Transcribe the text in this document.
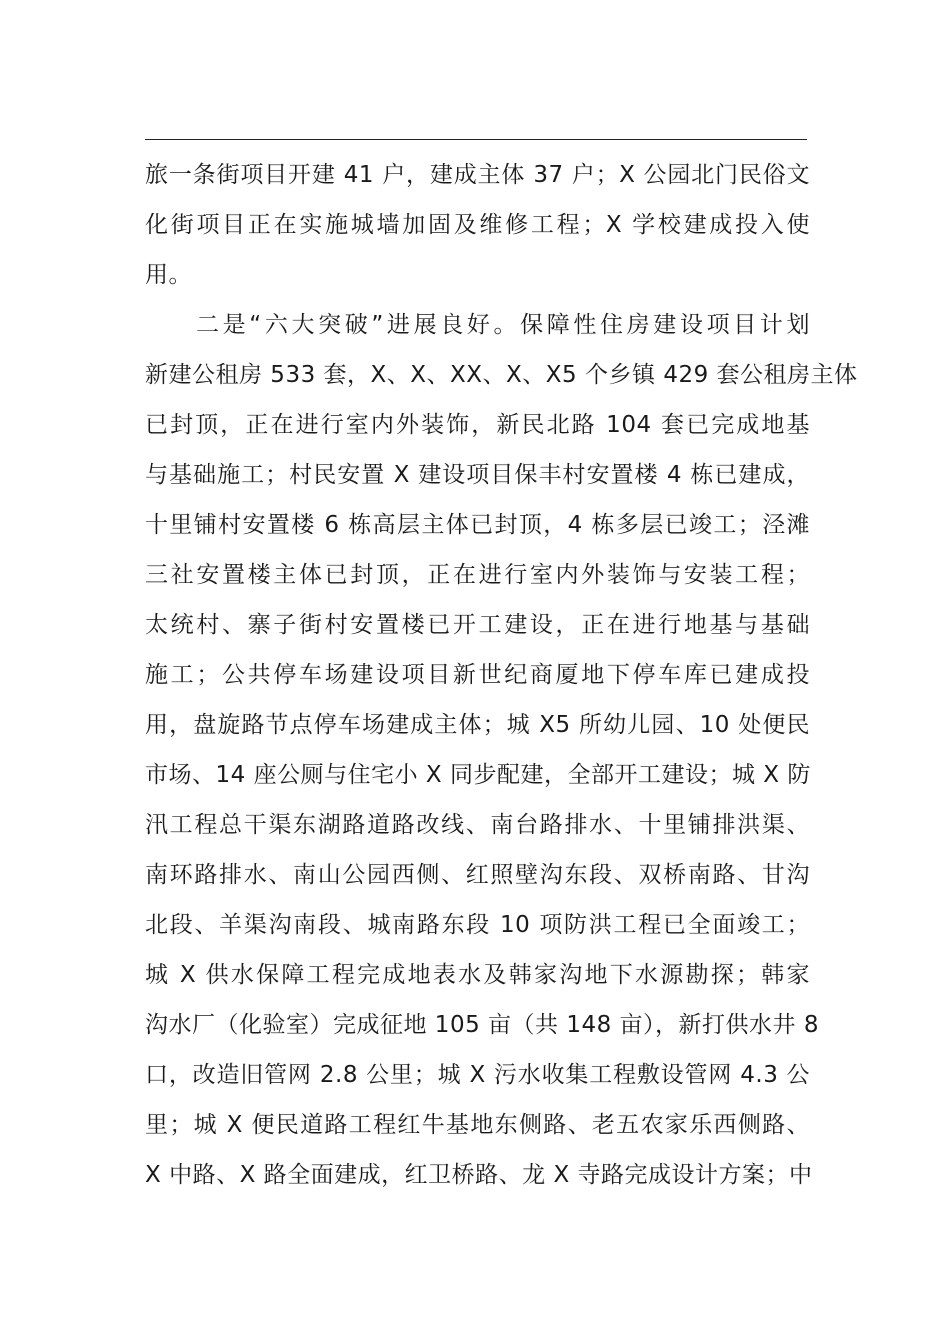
旅一条街项目开建 41 户，建成主体 37 户；X 公园北门民俗文
化街项目正在实施城墙加固及维修工程；X 学校建成投入使
用。
二是“六大突破”进展良好。保障性住房建设项目计划
新建公租房 533 套，X、X、XX、X、X5 个乡镇 429 套公租房主体
已封顶，正在进行室内外装饰，新民北路 104 套已完成地基
与基础施工；村民安置 X 建设项目保丰村安置楼 4 栋已建成，
十里铺村安置楼 6 栋高层主体已封顶，4 栋多层已竣工；泾滩
三社安置楼主体已封顶，正在进行室内外装饰与安装工程；
太统村、寨子街村安置楼已开工建设，正在进行地基与基础
施工；公共停车场建设项目新世纪商厦地下停车库已建成投
用，盘旋路节点停车场建成主体；城 X5 所幼儿园、10 处便民
市场、14 座公厕与住宅小 X 同步配建，全部开工建设；城 X 防
汛工程总干渠东湖路道路改线、南台路排水、十里铺排洪渠、
南环路排水、南山公园西侧、红照壁沟东段、双桥南路、甘沟
北段、羊渠沟南段、城南路东段 10 项防洪工程已全面竣工；
城 X 供水保障工程完成地表水及韩家沟地下水源勘探；韩家
沟水厂（化验室）完成征地 105 亩（共 148 亩），新打供水井 8
口，改造旧管网 2.8 公里；城 X 污水收集工程敷设管网 4.3 公
里；城 X 便民道路工程红牛基地东侧路、老五农家乐西侧路、
X 中路、X 路全面建成，红卫桥路、龙 X 寺路完成设计方案；中
